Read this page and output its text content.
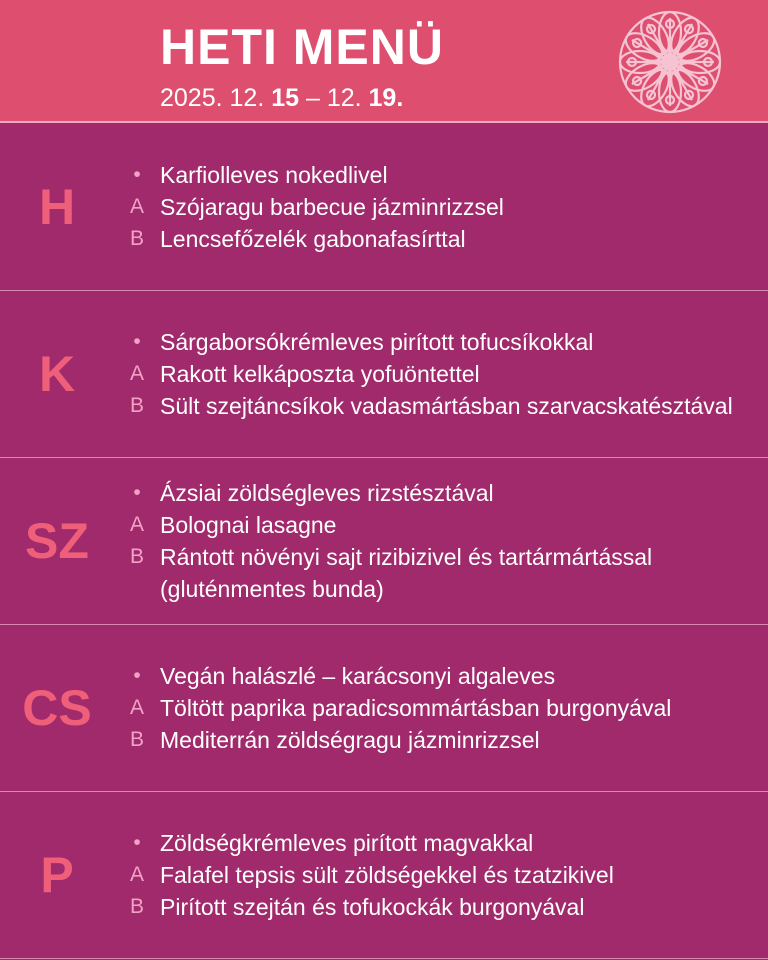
HETI MENÜ
2025. 12. 15 – 12. 19.
H
• Karfiolleves nokedlivel
A Szójaragu barbecue jázminrizzsel
B Lencsefőzelék gabonafasírttal
K
• Sárgaborsókrémleves pirított tofucsíkokkal
A Rakott kelkáposzta yofuöntettel
B Sült szejtáncsíkok vadasmártásban szarvacskatésztával
SZ
• Ázsiai zöldségleves rizstésztával
A Bolognai lasagne
B Rántott növényi sajt rizibizivel és tartármártással (gluténmentes bunda)
CS
• Vegán halászlé – karácsonyi algaleves
A Töltött paprika paradicsommártásban burgonyával
B Mediterrán zöldségragu jázminrizzsel
P
• Zöldségkrémleves pirított magvakkal
A Falafel tepsis sült zöldségekkel és tzatzikivel
B Pirított szejtán és tofukockák burgonyával
